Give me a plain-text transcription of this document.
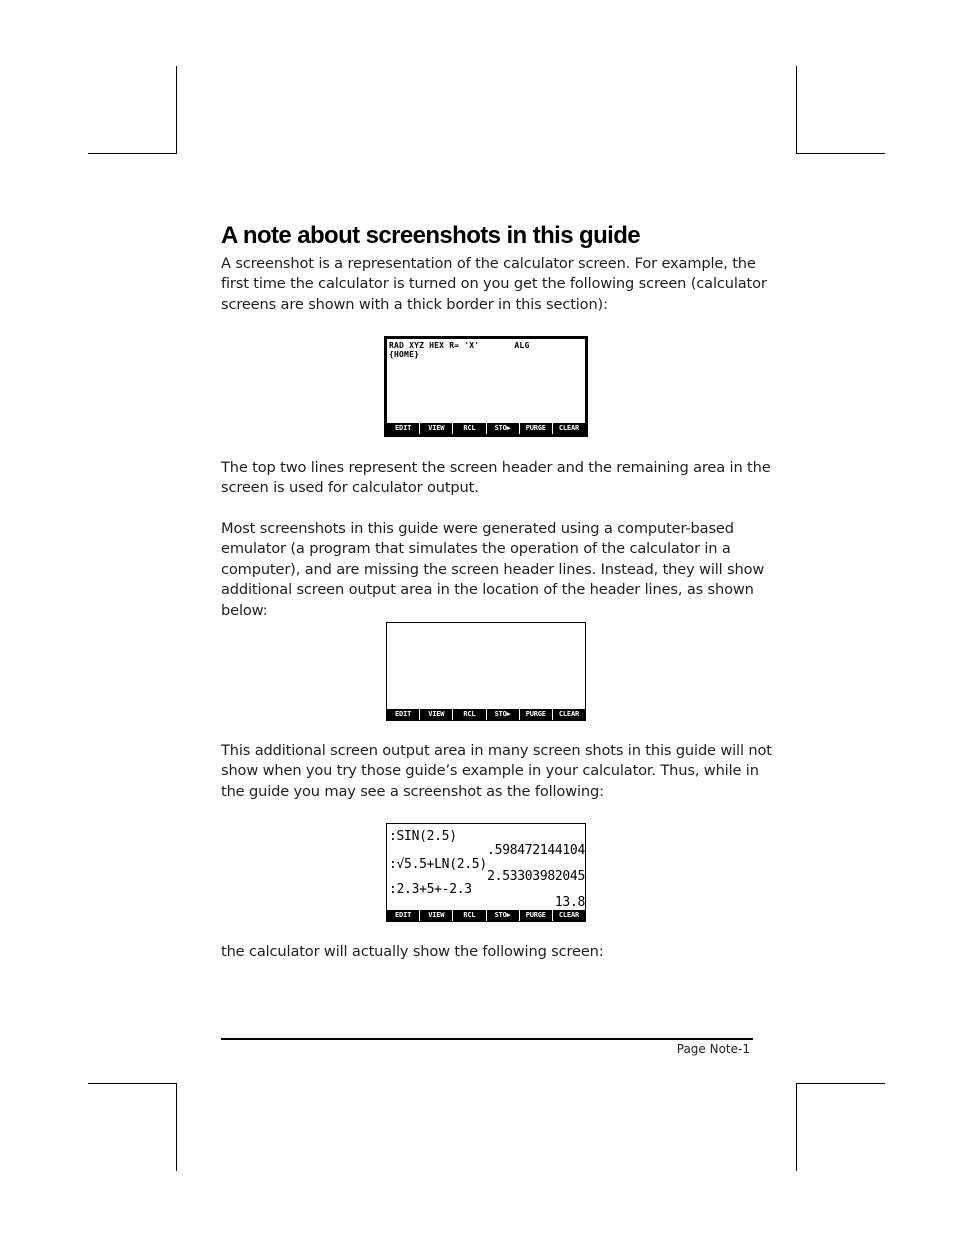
A note about screenshots in this guide

A screenshot is a representation of the calculator screen. For example, the
first time the calculator is turned on you get the following screen (calculator
screens are shown with a thick border in this section):

RAD XYZ HEX R= 'X'       ALG
{HOME}
EDIT	VIEW	RCL	STO▶	PURGE	CLEAR

The top two lines represent the screen header and the remaining area in the
screen is used for calculator output.

Most screenshots in this guide were generated using a computer-based
emulator (a program that simulates the operation of the calculator in a
computer), and are missing the screen header lines. Instead, they will show
additional screen output area in the location of the header lines, as shown
below:

EDIT	VIEW	RCL	STO▶	PURGE	CLEAR

This additional screen output area in many screen shots in this guide will not
show when you try those guide’s example in your calculator. Thus, while in
the guide you may see a screenshot as the following:

:SIN(2.5)
.598472144104
:√5.5+LN(2.5)
2.53303982045
:2.3+5+-2.3
13.8
EDIT	VIEW	RCL	STO▶	PURGE	CLEAR

the calculator will actually show the following screen:

Page Note-1
